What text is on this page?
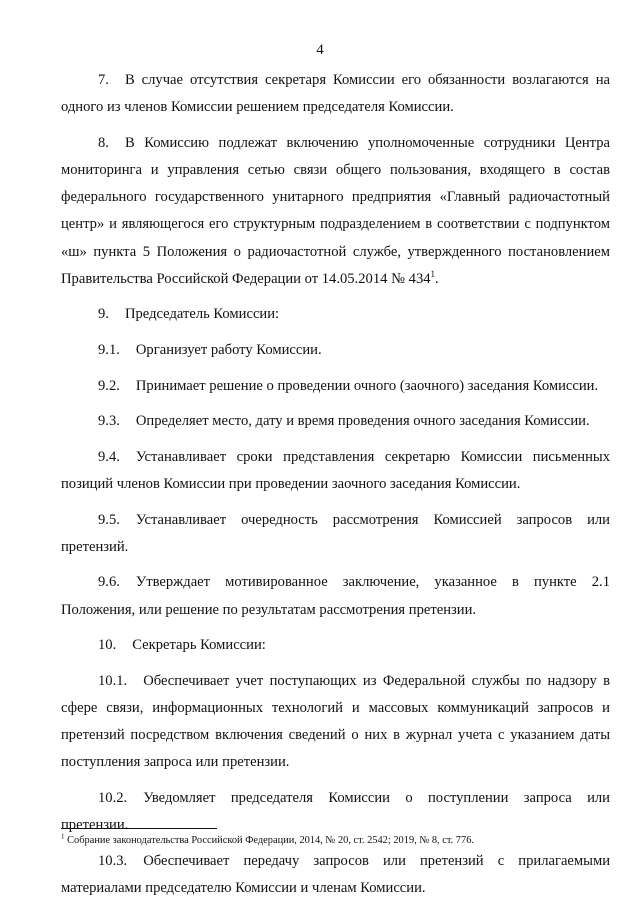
4

7. В случае отсутствия секретаря Комиссии его обязанности возлагаются на одного из членов Комиссии решением председателя Комиссии.

8. В Комиссию подлежат включению уполномоченные сотрудники Центра мониторинга и управления сетью связи общего пользования, входящего в состав федерального государственного унитарного предприятия «Главный радиочастотный центр» и являющегося его структурным подразделением в соответствии с подпунктом «ш» пункта 5 Положения о радиочастотной службе, утвержденного постановлением Правительства Российской Федерации от 14.05.2014 № $434^1$.

9. Председатель Комиссии:

9.1. Организует работу Комиссии.

9.2. Принимает решение о проведении очного (заочного) заседания Комиссии.

9.3. Определяет место, дату и время проведения очного заседания Комиссии.

9.4. Устанавливает сроки представления секретарю Комиссии письменных позиций членов Комиссии при проведении заочного заседания Комиссии.

9.5. Устанавливает очередность рассмотрения Комиссией запросов или претензий.

9.6. Утверждает мотивированное заключение, указанное в пункте 2.1 Положения, или решение по результатам рассмотрения претензии.

10. Секретарь Комиссии:

10.1. Обеспечивает учет поступающих из Федеральной службы по надзору в сфере связи, информационных технологий и массовых коммуникаций запросов и претензий посредством включения сведений о них в журнал учета с указанием даты поступления запроса или претензии.

10.2. Уведомляет председателя Комиссии о поступлении запроса или претензии.

10.3. Обеспечивает передачу запросов или претензий с прилагаемыми материалами председателю Комиссии и членам Комиссии.

$^1$ Собрание законодательства Российской Федерации, 2014, № 20, ст. 2542; 2019, № 8, ст. 776.
